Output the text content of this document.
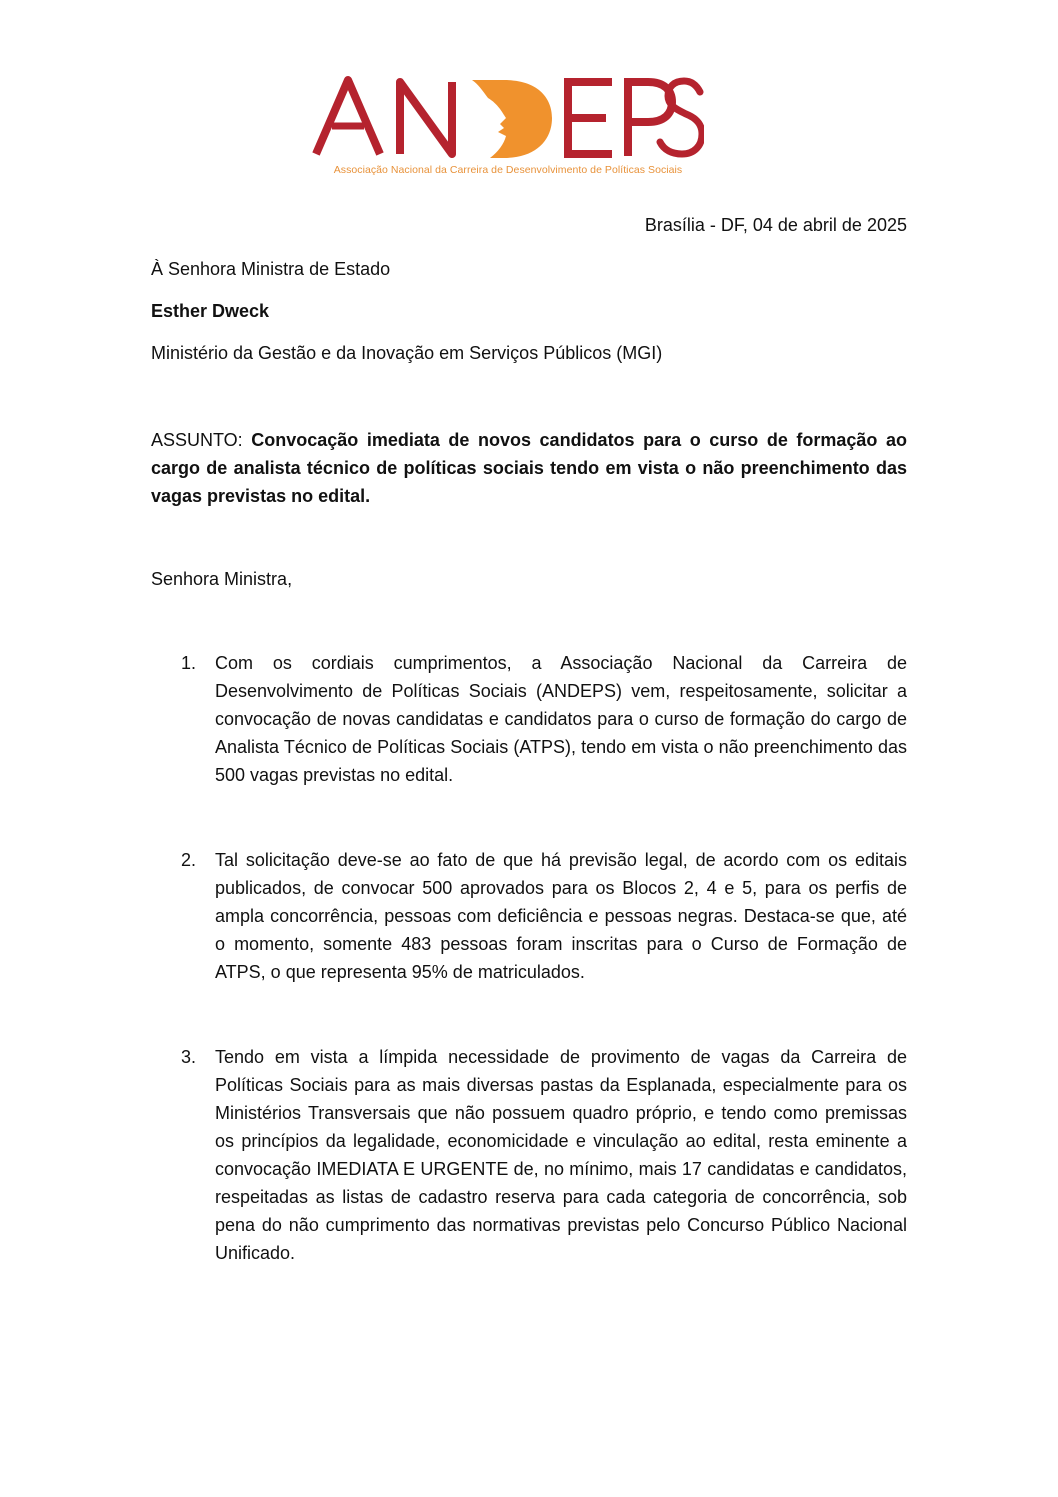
Associação Nacional da Carreira de Desenvolvimento de Políticas Sociais
Brasília - DF, 04 de abril de 2025
À Senhora Ministra de Estado
Esther Dweck
Ministério da Gestão e da Inovação em Serviços Públicos (MGI)
ASSUNTO: Convocação imediata de novos candidatos para o curso de formação ao cargo de analista técnico de políticas sociais tendo em vista o não preenchimento das vagas previstas no edital.
Senhora Ministra,
1. Com os cordiais cumprimentos, a Associação Nacional da Carreira de Desenvolvimento de Políticas Sociais (ANDEPS) vem, respeitosamente, solicitar a convocação de novas candidatas e candidatos para o curso de formação do cargo de Analista Técnico de Políticas Sociais (ATPS), tendo em vista o não preenchimento das 500 vagas previstas no edital.
2. Tal solicitação deve-se ao fato de que há previsão legal, de acordo com os editais publicados, de convocar 500 aprovados para os Blocos 2, 4 e 5, para os perfis de ampla concorrência, pessoas com deficiência e pessoas negras. Destaca-se que, até o momento, somente 483 pessoas foram inscritas para o Curso de Formação de ATPS, o que representa 95% de matriculados.
3. Tendo em vista a límpida necessidade de provimento de vagas da Carreira de Políticas Sociais para as mais diversas pastas da Esplanada, especialmente para os Ministérios Transversais que não possuem quadro próprio, e tendo como premissas os princípios da legalidade, economicidade e vinculação ao edital, resta eminente a convocação IMEDIATA E URGENTE de, no mínimo, mais 17 candidatas e candidatos, respeitadas as listas de cadastro reserva para cada categoria de concorrência, sob pena do não cumprimento das normativas previstas pelo Concurso Público Nacional Unificado.
